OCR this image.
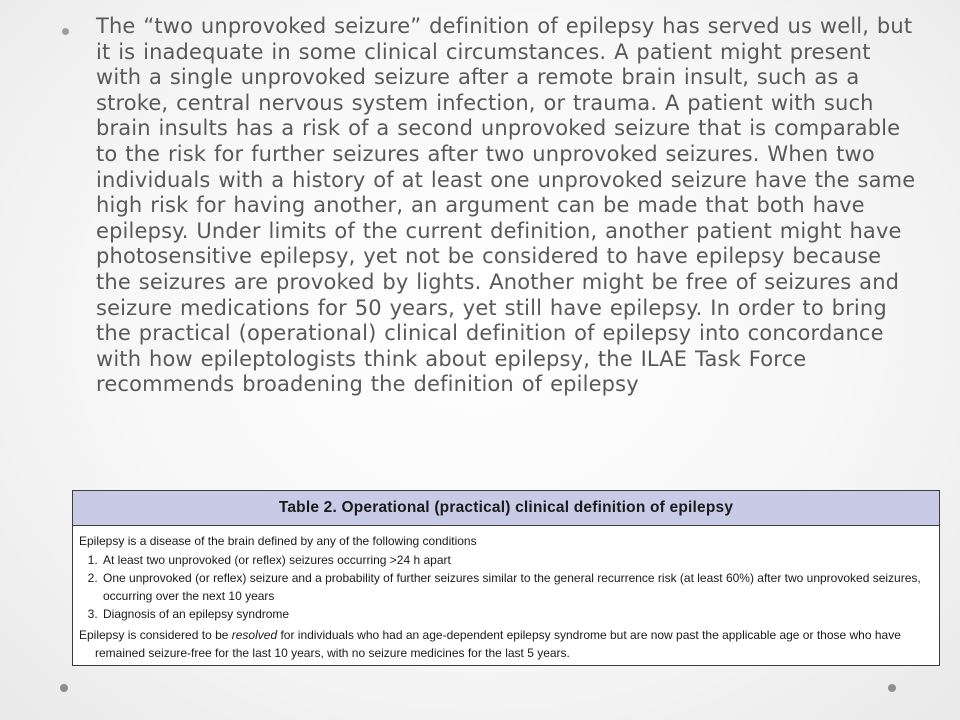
The “two unprovoked seizure” definition of epilepsy has served us well, but it is inadequate in some clinical circumstances. A patient might present with a single unprovoked seizure after a remote brain insult, such as a stroke, central nervous system infection, or trauma. A patient with such brain insults has a risk of a second unprovoked seizure that is comparable to the risk for further seizures after two unprovoked seizures. When two individuals with a history of at least one unprovoked seizure have the same high risk for having another, an argument can be made that both have epilepsy. Under limits of the current definition, another patient might have photosensitive epilepsy, yet not be considered to have epilepsy because the seizures are provoked by lights. Another might be free of seizures and seizure medications for 50 years, yet still have epilepsy. In order to bring the practical (operational) clinical definition of epilepsy into concordance with how epileptologists think about epilepsy, the ILAE Task Force recommends broadening the definition of epilepsy

Table 2. Operational (practical) clinical definition of epilepsy

Epilepsy is a disease of the brain defined by any of the following conditions

1. At least two unprovoked (or reflex) seizures occurring >24 h apart
2. One unprovoked (or reflex) seizure and a probability of further seizures similar to the general recurrence risk (at least 60%) after two unprovoked seizures, occurring over the next 10 years
3. Diagnosis of an epilepsy syndrome

Epilepsy is considered to be resolved for individuals who had an age-dependent epilepsy syndrome but are now past the applicable age or those who have remained seizure-free for the last 10 years, with no seizure medicines for the last 5 years.
